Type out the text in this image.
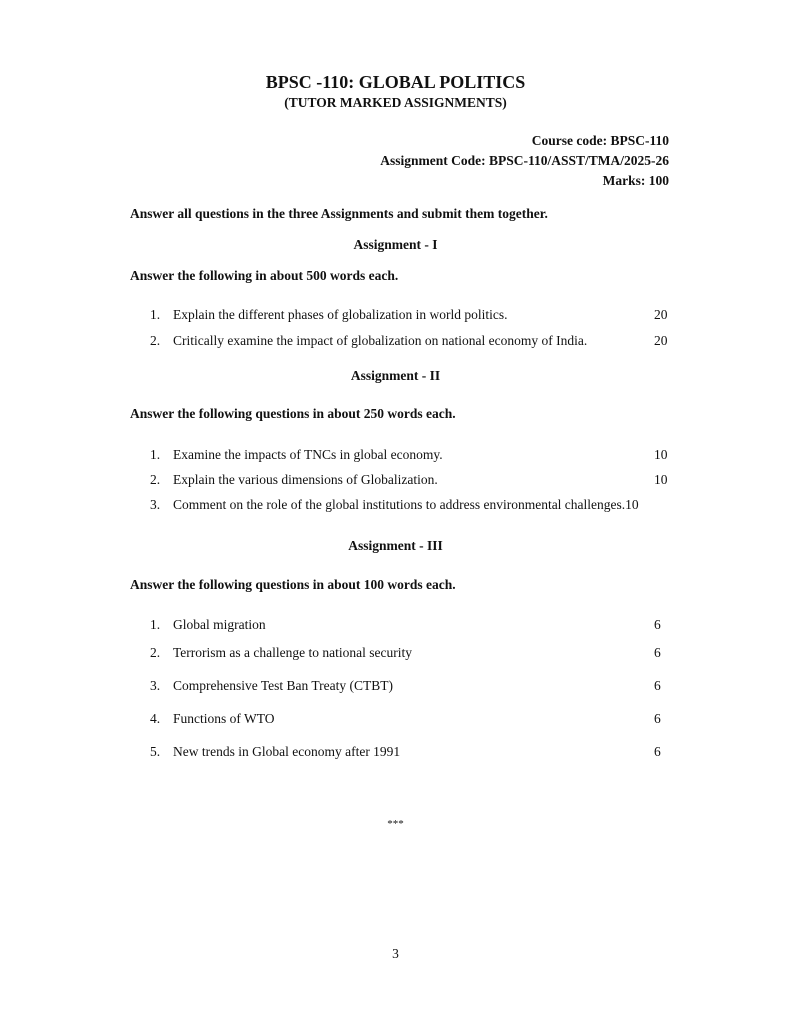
BPSC -110: GLOBAL POLITICS
(TUTOR MARKED ASSIGNMENTS)
Course code: BPSC-110
Assignment Code: BPSC-110/ASST/TMA/2025-26
Marks: 100
Answer all questions in the three Assignments and submit them together.
Assignment - I
Answer the following in about 500 words each.
1. Explain the different phases of globalization in world politics.	20
2. Critically examine the impact of globalization on national economy of India.	20
Assignment - II
Answer the following questions in about 250 words each.
1. Examine the impacts of TNCs in global economy.	10
2. Explain the various dimensions of Globalization.	10
3. Comment on the role of the global institutions to address environmental challenges.10
Assignment - III
Answer the following questions in about 100 words each.
1. Global migration	6
2. Terrorism as a challenge to national security	6
3. Comprehensive Test Ban Treaty (CTBT)	6
4. Functions of WTO	6
5. New trends in Global economy after 1991	6
***
3
